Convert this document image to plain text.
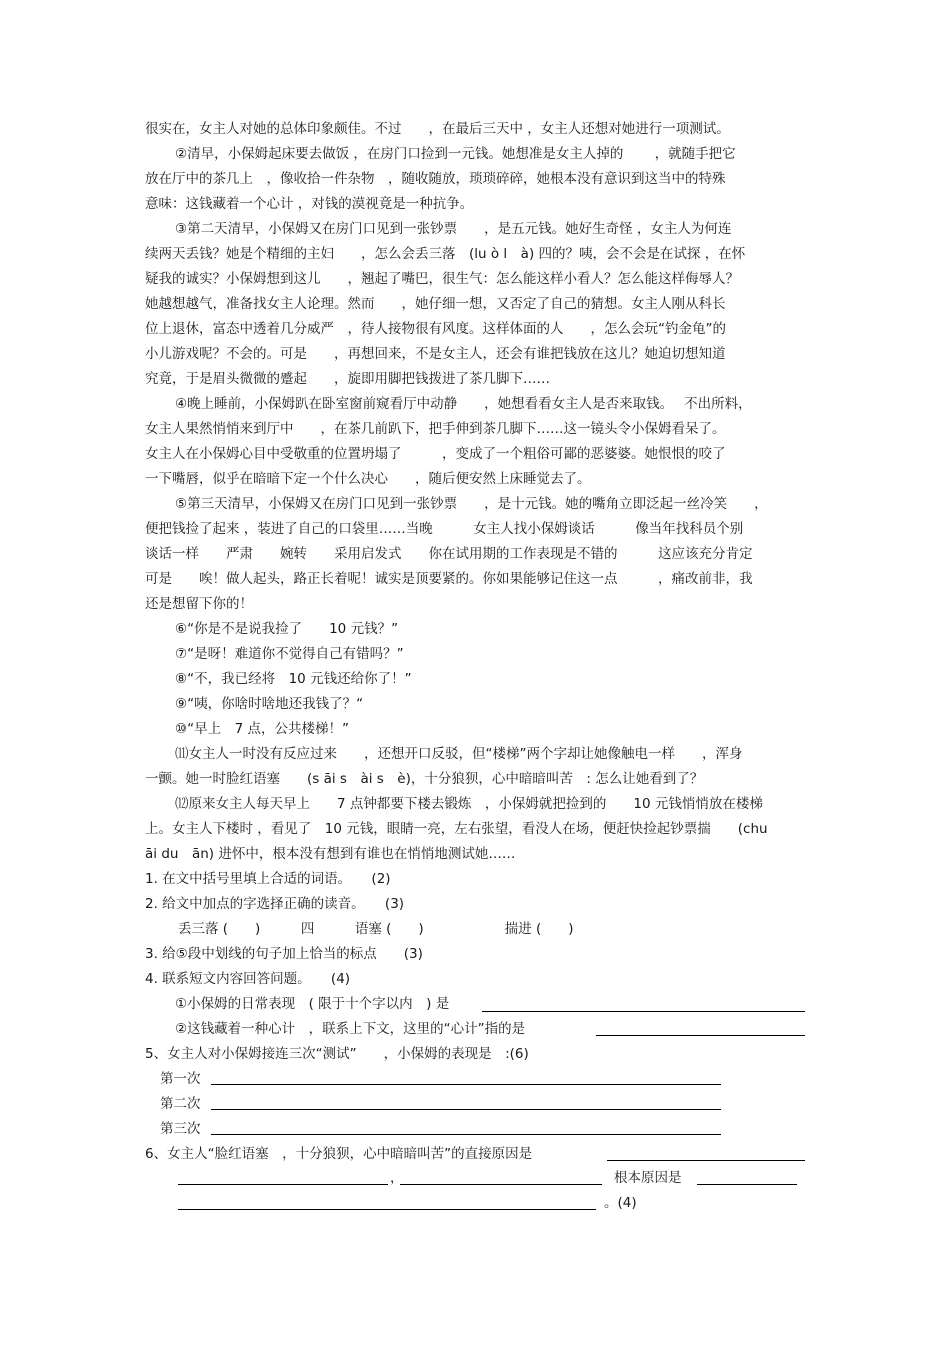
很实在，女主人对她的总体印象颇佳。不过　　，在最后三天中 ，女主人还想对她进行一项测试。
②清早，小保姆起床要去做饭 ，在房门口捡到一元钱。她想准是女主人掉的　　 ，就随手把它
放在厅中的茶几上　，像收拾一件杂物　，随收随放，琐琐碎碎，她根本没有意识到这当中的特殊
意味：这钱藏着一个心计 ，对钱的漠视竟是一种抗争。
③第二天清早，小保姆又在房门口见到一张钞票　　，是五元钱。她好生奇怪 ，女主人为何连
续两天丢钱？她是个精细的主妇　　，怎么会丢三落　(lu ò l　à) 四的？咦，会不会是在试探 ，在怀
疑我的诚实？小保姆想到这儿　　，翘起了嘴巴，很生气：怎么能这样小看人？怎么能这样侮辱人？
她越想越气，准备找女主人论理。然而　　，她仔细一想，又否定了自己的猜想。女主人刚从科长
位上退休，富态中透着几分威严　，待人接物很有风度。这样体面的人　　，怎么会玩“钓金龟”的
小儿游戏呢？不会的。可是　　，再想回来，不是女主人，还会有谁把钱放在这儿？她迫切想知道
究竟，于是眉头微微的蹙起　　，旋即用脚把钱拨进了茶几脚下……
④晚上睡前，小保姆趴在卧室窗前窥看厅中动静　　，她想看看女主人是否来取钱。　 不出所料，
女主人果然悄悄来到厅中　　，在茶几前趴下，把手伸到茶几脚下……这一镜头令小保姆看呆了。
女主人在小保姆心目中受敬重的位置坍塌了　　　，变成了一个粗俗可鄙的恶婆婆。她恨恨的咬了
一下嘴唇，似乎在暗暗下定一个什么决心　　，随后便安然上床睡觉去了。
⑤第三天清早，小保姆又在房门口见到一张钞票　　，是十元钱。她的嘴角立即泛起一丝冷笑　　，
便把钱捡了起来 ，装进了自己的口袋里……当晚　　　女主人找小保姆谈话　　　像当年找科员个别
谈话一样　　严肃　　婉转　　采用启发式　　你在试用期的工作表现是不错的　　　这应该充分肯定
可是　　唉！做人起头，路正长着呢！诚实是顶要紧的。你如果能够记住这一点　　　，痛改前非，我
还是想留下你的！
⑥“你是不是说我捡了　　10 元钱？”
⑦“是呀！难道你不觉得自己有错吗？”
⑧“不，我已经将　10 元钱还给你了！”
⑨“咦，你啥时啥地还我钱了？“
⑩“早上　7 点，公共楼梯！”
⑾女主人一时没有反应过来　　，还想开口反驳，但“楼梯”两个字却让她像触电一样　　，浑身
一颤。她一时脸红语塞　　(s āi s　ài s　è)，十分狼狈，心中暗暗叫苦　: 怎么让她看到了？
⑿原来女主人每天早上　　7 点钟都要下楼去锻炼　，小保姆就把捡到的　　10 元钱悄悄放在楼梯
上。女主人下楼时 ，看见了　10 元钱，眼睛一亮，左右张望，看没人在场，便赶快捡起钞票揣　　(chu
āi du　ān) 进怀中，根本没有想到有谁也在悄悄地测试她……
1. 在文中括号里填上合适的词语。　　(2)
2. 给文中加点的字选择正确的读音。　　(3)
丢三落 (　　)　　　四　　　语塞 (　　)　　　　　　揣进 (　　)
3. 给⑤段中划线的句子加上恰当的标点　　(3)
4. 联系短文内容回答问题。　　(4)
①小保姆的日常表现　( 限于十个字以内　) 是
②这钱藏着一种心计　，联系上下文，这里的“心计”指的是
5、女主人对小保姆接连三次“测试”　　，小保姆的表现是　:(6)
第一次
第二次
第三次
6、女主人“脸红语塞　，十分狼狈，心中暗暗叫苦”的直接原因是
，	根本原因是
。(4)
